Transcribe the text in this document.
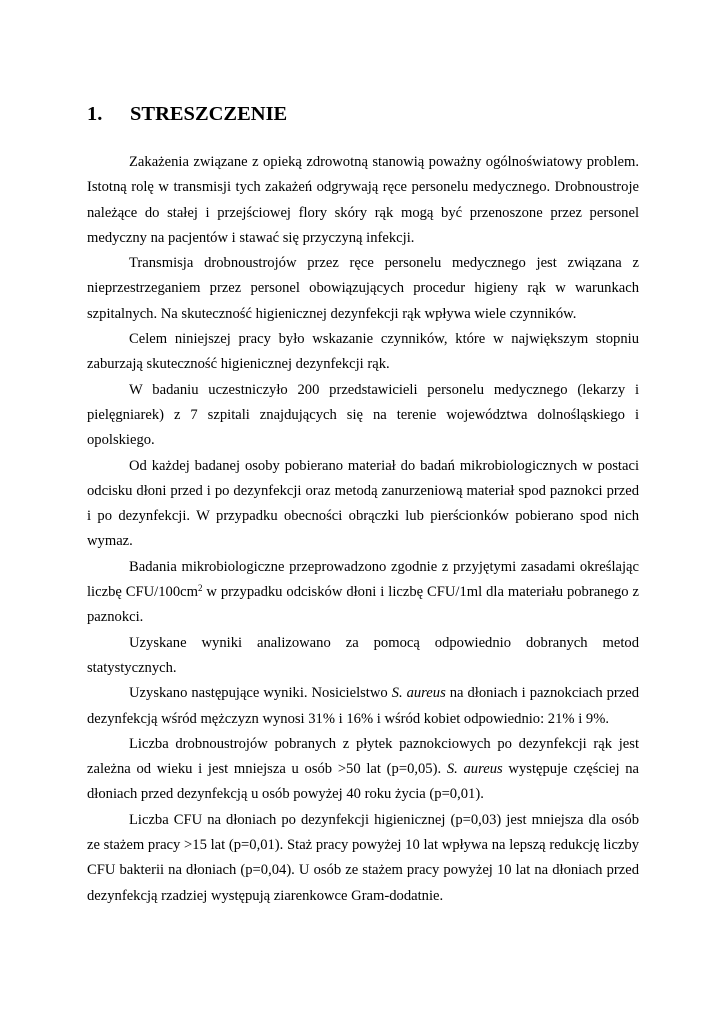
1. STRESZCZENIE

Zakażenia związane z opieką zdrowotną stanowią poważny ogólnoświatowy problem. Istotną rolę w transmisji tych zakażeń odgrywają ręce personelu medycznego. Drobnoustroje należące do stałej i przejściowej flory skóry rąk mogą być przenoszone przez personel medyczny na pacjentów i stawać się przyczyną infekcji.

Transmisja drobnoustrojów przez ręce personelu medycznego jest związana z nieprzestrzeganiem przez personel obowiązujących procedur higieny rąk w warunkach szpitalnych. Na skuteczność higienicznej dezynfekcji rąk wpływa wiele czynników.

Celem niniejszej pracy było wskazanie czynników, które w największym stopniu zaburzają skuteczność higienicznej dezynfekcji rąk.

W badaniu uczestniczyło 200 przedstawicieli personelu medycznego (lekarzy i pielęgniarek) z 7 szpitali znajdujących się na terenie województwa dolnośląskiego i opolskiego.

Od każdej badanej osoby pobierano materiał do badań mikrobiologicznych w postaci odcisku dłoni przed i po dezynfekcji oraz metodą zanurzeniową materiał spod paznokci przed i po dezynfekcji. W przypadku obecności obrączki lub pierścionków pobierano spod nich wymaz.

Badania mikrobiologiczne przeprowadzono zgodnie z przyjętymi zasadami określając liczbę CFU/$100cm^2$ w przypadku odcisków dłoni i liczbę CFU/1ml dla materiału pobranego z paznokci.

Uzyskane wyniki analizowano za pomocą odpowiednio dobranych metod statystycznych.

Uzyskano następujące wyniki. Nosicielstwo S. aureus na dłoniach i paznokciach przed dezynfekcją wśród mężczyzn wynosi 31% i 16% i wśród kobiet odpowiednio: 21% i 9%.

Liczba drobnoustrojów pobranych z płytek paznokciowych po dezynfekcji rąk jest zależna od wieku i jest mniejsza u osób >50 lat (p=0,05). S. aureus występuje częściej na dłoniach przed dezynfekcją u osób powyżej 40 roku życia (p=0,01).

Liczba CFU na dłoniach po dezynfekcji higienicznej (p=0,03) jest mniejsza dla osób ze stażem pracy >15 lat (p=0,01). Staż pracy powyżej 10 lat wpływa na lepszą redukcję liczby CFU bakterii na dłoniach (p=0,04). U osób ze stażem pracy powyżej 10 lat na dłoniach przed dezynfekcją rzadziej występują ziarenkowce Gram-dodatnie.
